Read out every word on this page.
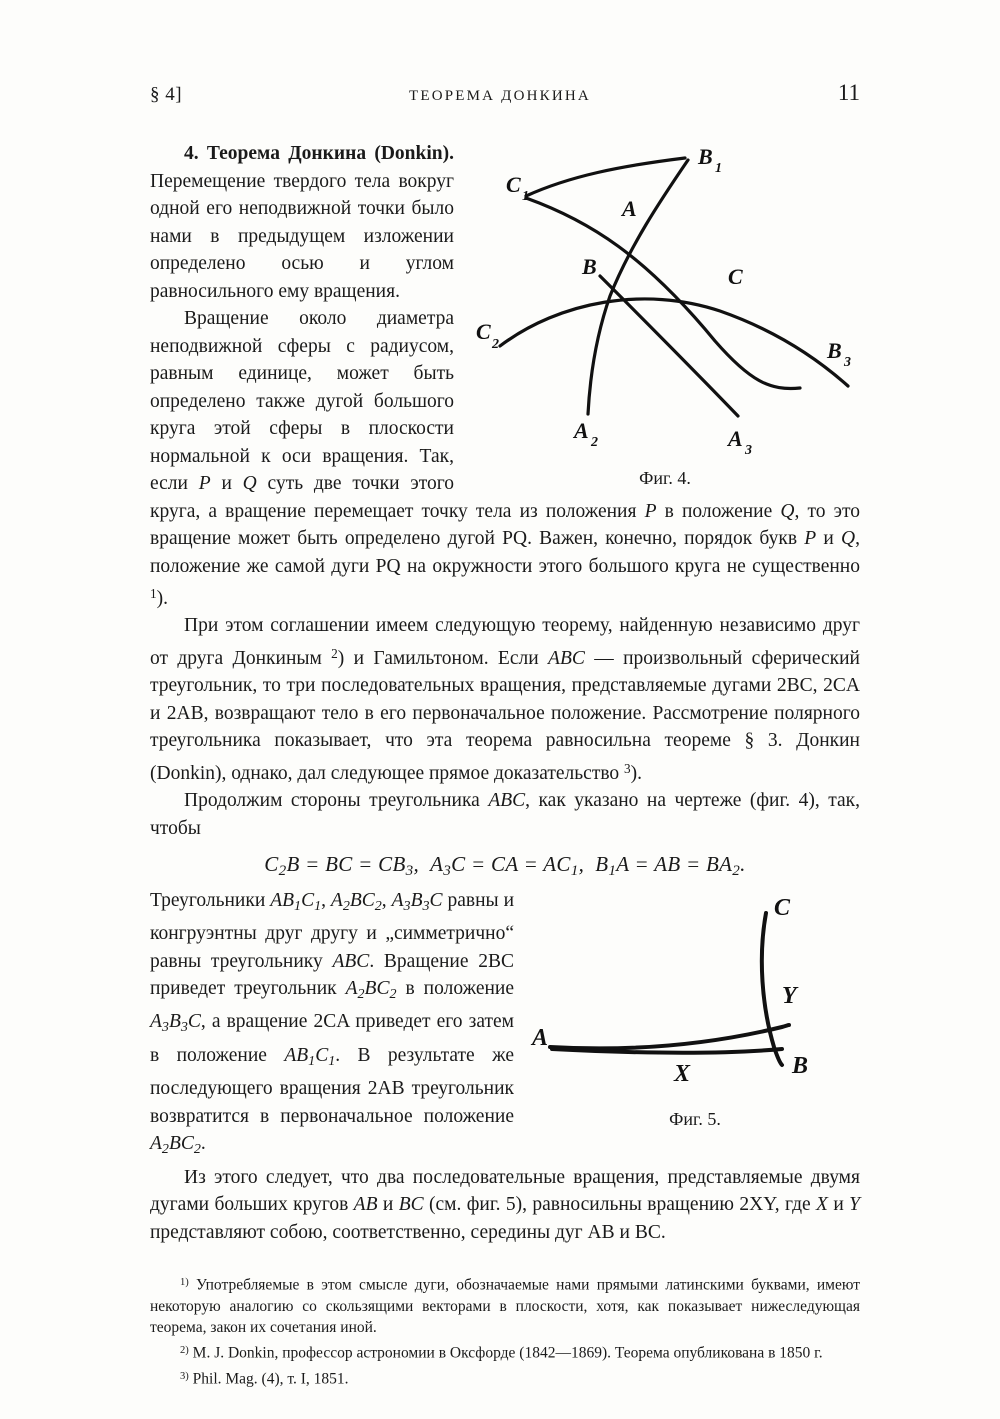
§ 4]	ТЕОРЕМА ДОНКИНА	11
C 1
B 1
A
B	C
C
2	B 3
A 2	A 3
Фиг. 4.

4. Теорема Донкина (Donkin). Перемещение твердого тела вокруг одной его неподвижной точки было нами в предыдущем изложении определено осью и углом равносильного ему вращения.

Вращение около диаметра неподвижной сферы с радиусом, равным единице, может быть определено также дугой большого круга этой сферы в плоскости нормальной к оси вращения. Так, если P и Q суть две точки этого круга, а вращение перемещает точку тела из положения P в положение Q, то это вращение может быть определено дугой PQ. Важен, конечно, порядок букв P и Q, положение же самой дуги PQ на окружности этого большого круга не существенно $^1$).

При этом соглашении имеем следующую теорему, найденную независимо друг от друга Донкиным $^2$) и Гамильтоном. Если ABC — произвольный сферический треугольник, то три последовательных вращения, представляемые дугами 2BC, 2CA и 2AB, возвращают тело в его первоначальное положение. Рассмотрение полярного треугольника показывает, что эта теорема равносильна теореме § 3. Донкин (Donkin), однако, дал следующее прямое доказательство $^3$).

Продолжим стороны треугольника ABC, как указано на чертеже (фиг. 4), так, чтобы

$C_2B$ = BC = $CB_3$,  $A_3C$ = CA = $AC_1$,  $B_1A$ = AB = $BA_2$.
C
Y
A
B
X
Фиг. 5.

Треугольники $AB_1C_1$, $A_2BC_2$, $A_3B_3C$ равны и конгруэнтны друг другу и „симметрично“ равны треугольнику ABC. Вращение 2BC приведет треугольник $A_2BC_2$ в положение $A_3B_3C$, а вращение 2CA приведет его затем в положение $AB_1C_1$. В результате же последующего вращения 2AB треугольник возвратится в первоначальное положение $A_2BC_2$.

Из этого следует, что два последовательные вращения, представляемые двумя дугами больших кругов AB и BC (см. фиг. 5), равносильны вращению 2XY, где X и Y представляют собою, соответственно, середины дуг AB и BC.

$^{1)}$ Употребляемые в этом смысле дуги, обозначаемые нами прямыми латинскими буквами, имеют некоторую аналогию со скользящими векторами в плоскости, хотя, как показывает нижеследующая теорема, закон их сочетания иной.

$^{2)}$ M. J. Donkin, профессор астрономии в Оксфорде (1842—1869). Теорема опубликована в 1850 г.

$^{3)}$ Phil. Mag. (4), т. I, 1851.
